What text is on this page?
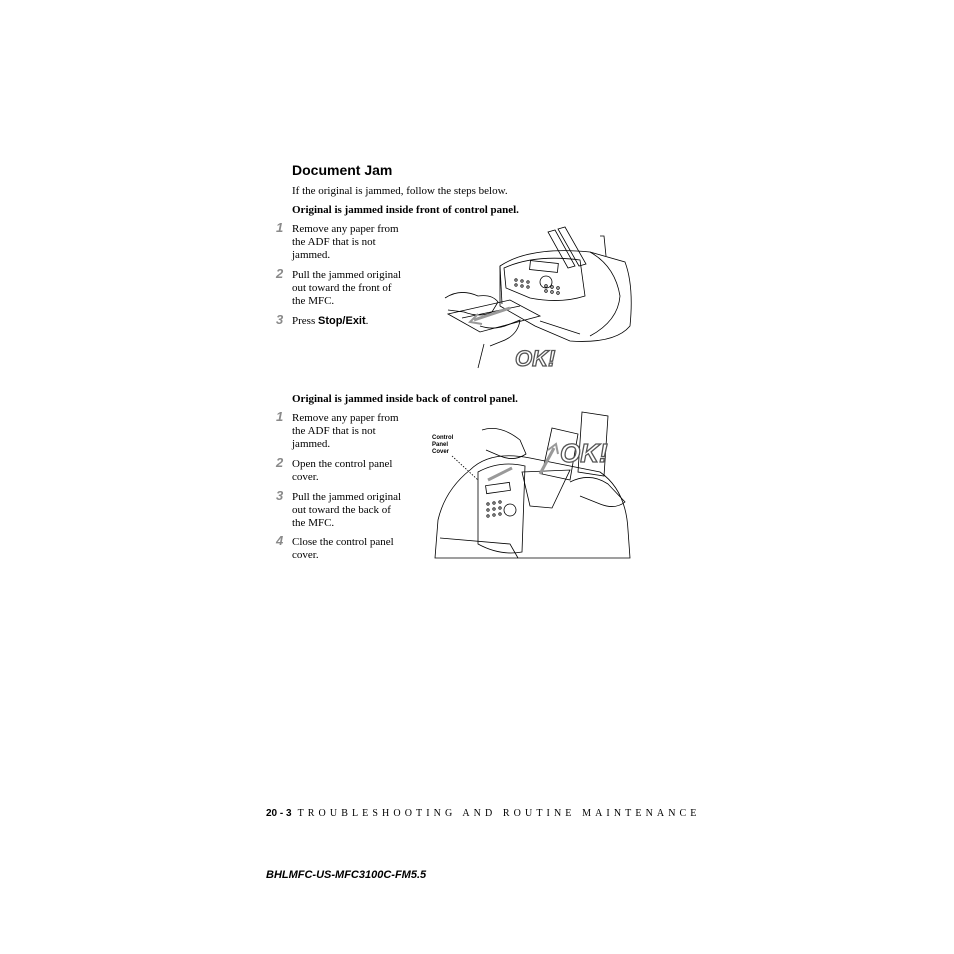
Document Jam
If the original is jammed, follow the steps below.
Original is jammed inside front of control panel.
1 Remove any paper from the ADF that is not jammed.
2 Pull the jammed original out toward the front of the MFC.
3 Press Stop/Exit.
OK!
Original is jammed inside back of control panel.
1 Remove any paper from the ADF that is not jammed.
2 Open the control panel cover.
3 Pull the jammed original out toward the back of the MFC.
4 Close the control panel cover.
Control
Panel
Cover	OK!
20 - 3 TROUBLESHOOTING AND ROUTINE MAINTENANCE
BHLMFC-US-MFC3100C-FM5.5
